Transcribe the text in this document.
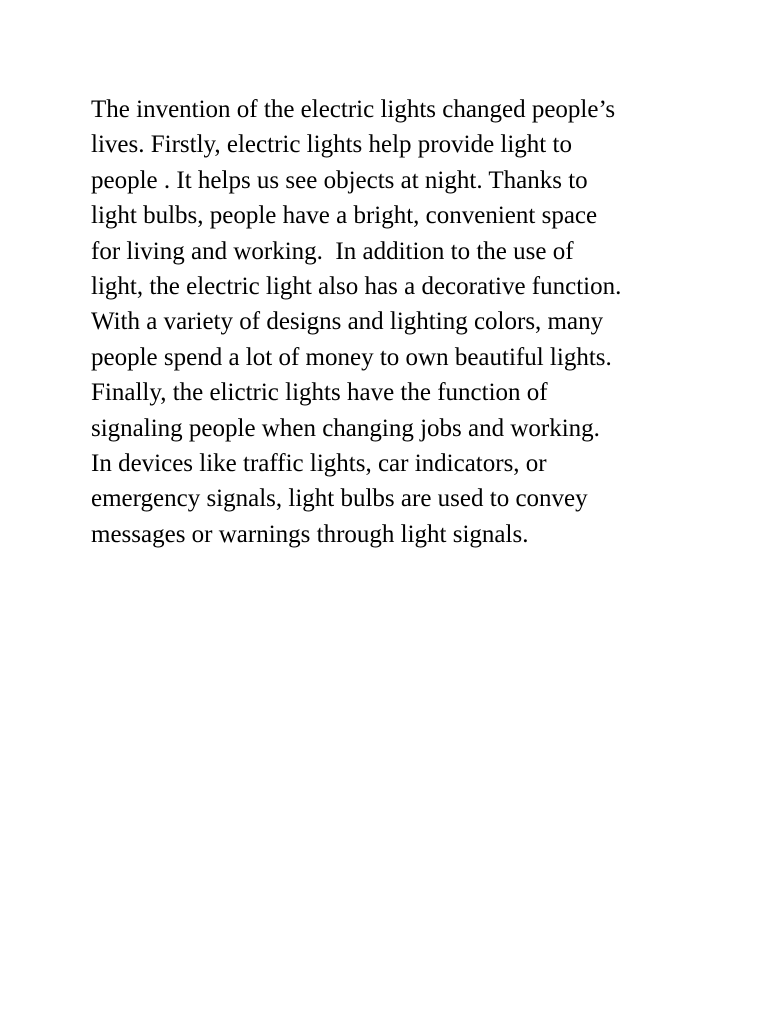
The invention of the electric lights changed people’s
lives. Firstly, electric lights help provide light to
people . It helps us see objects at night. Thanks to
light bulbs, people have a bright, convenient space
for living and working.  In addition to the use of
light, the electric light also has a decorative function.
With a variety of designs and lighting colors, many
people spend a lot of money to own beautiful lights.
Finally, the elictric lights have the function of
signaling people when changing jobs and working.
In devices like traffic lights, car indicators, or
emergency signals, light bulbs are used to convey
messages or warnings through light signals.
